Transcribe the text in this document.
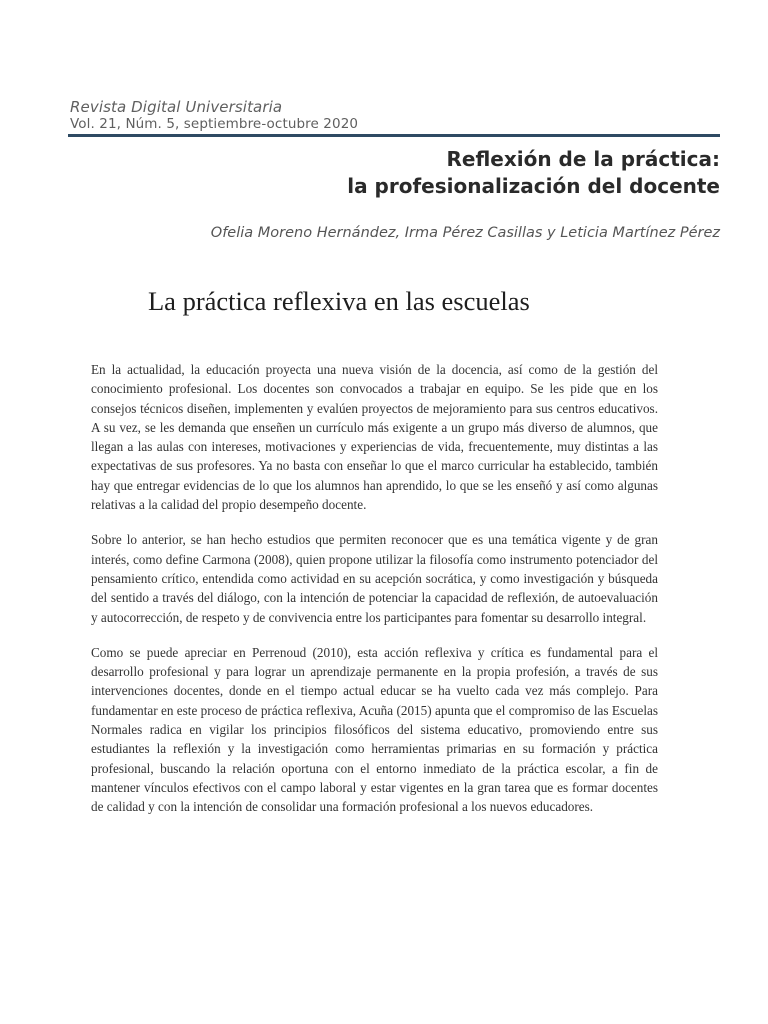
Revista Digital Universitaria
Vol. 21, Núm. 5, septiembre-octubre 2020
Reflexión de la práctica:
la profesionalización del docente
Ofelia Moreno Hernández, Irma Pérez Casillas y Leticia Martínez Pérez
La práctica reflexiva en las escuelas

En la actualidad, la educación proyecta una nueva visión de la docencia, así como de la gestión del conocimiento profesional. Los docentes son convocados a trabajar en equipo. Se les pide que en los consejos técnicos diseñen, implementen y evalúen proyectos de mejoramiento para sus centros educativos. A su vez, se les demanda que enseñen un currículo más exigente a un grupo más diverso de alumnos, que llegan a las aulas con intereses, motivaciones y experiencias de vida, frecuentemente, muy distintas a las expectativas de sus profesores. Ya no basta con enseñar lo que el marco curricular ha establecido, también hay que entregar evidencias de lo que los alumnos han aprendido, lo que se les enseñó y así como algunas relativas a la calidad del propio desempeño docente.

Sobre lo anterior, se han hecho estudios que permiten reconocer que es una temática vigente y de gran interés, como define Carmona (2008), quien propone utilizar la filosofía como instrumento potenciador del pensamiento crítico, entendida como actividad en su acepción socrática, y como investigación y búsqueda del sentido a través del diálogo, con la intención de potenciar la capacidad de reflexión, de autoevaluación y autocorrección, de respeto y de convivencia entre los participantes para fomentar su desarrollo integral.

Como se puede apreciar en Perrenoud (2010), esta acción reflexiva y crítica es fundamental para el desarrollo profesional y para lograr un aprendizaje permanente en la propia profesión, a través de sus intervenciones docentes, donde en el tiempo actual educar se ha vuelto cada vez más complejo. Para fundamentar en este proceso de práctica reflexiva, Acuña (2015) apunta que el compromiso de las Escuelas Normales radica en vigilar los principios filosóficos del sistema educativo, promoviendo entre sus estudiantes la reflexión y la investigación como herramientas primarias en su formación y práctica profesional, buscando la relación oportuna con el entorno inmediato de la práctica escolar, a fin de mantener vínculos efectivos con el campo laboral y estar vigentes en la gran tarea que es formar docentes de calidad y con la intención de consolidar una formación profesional a los nuevos educadores.
